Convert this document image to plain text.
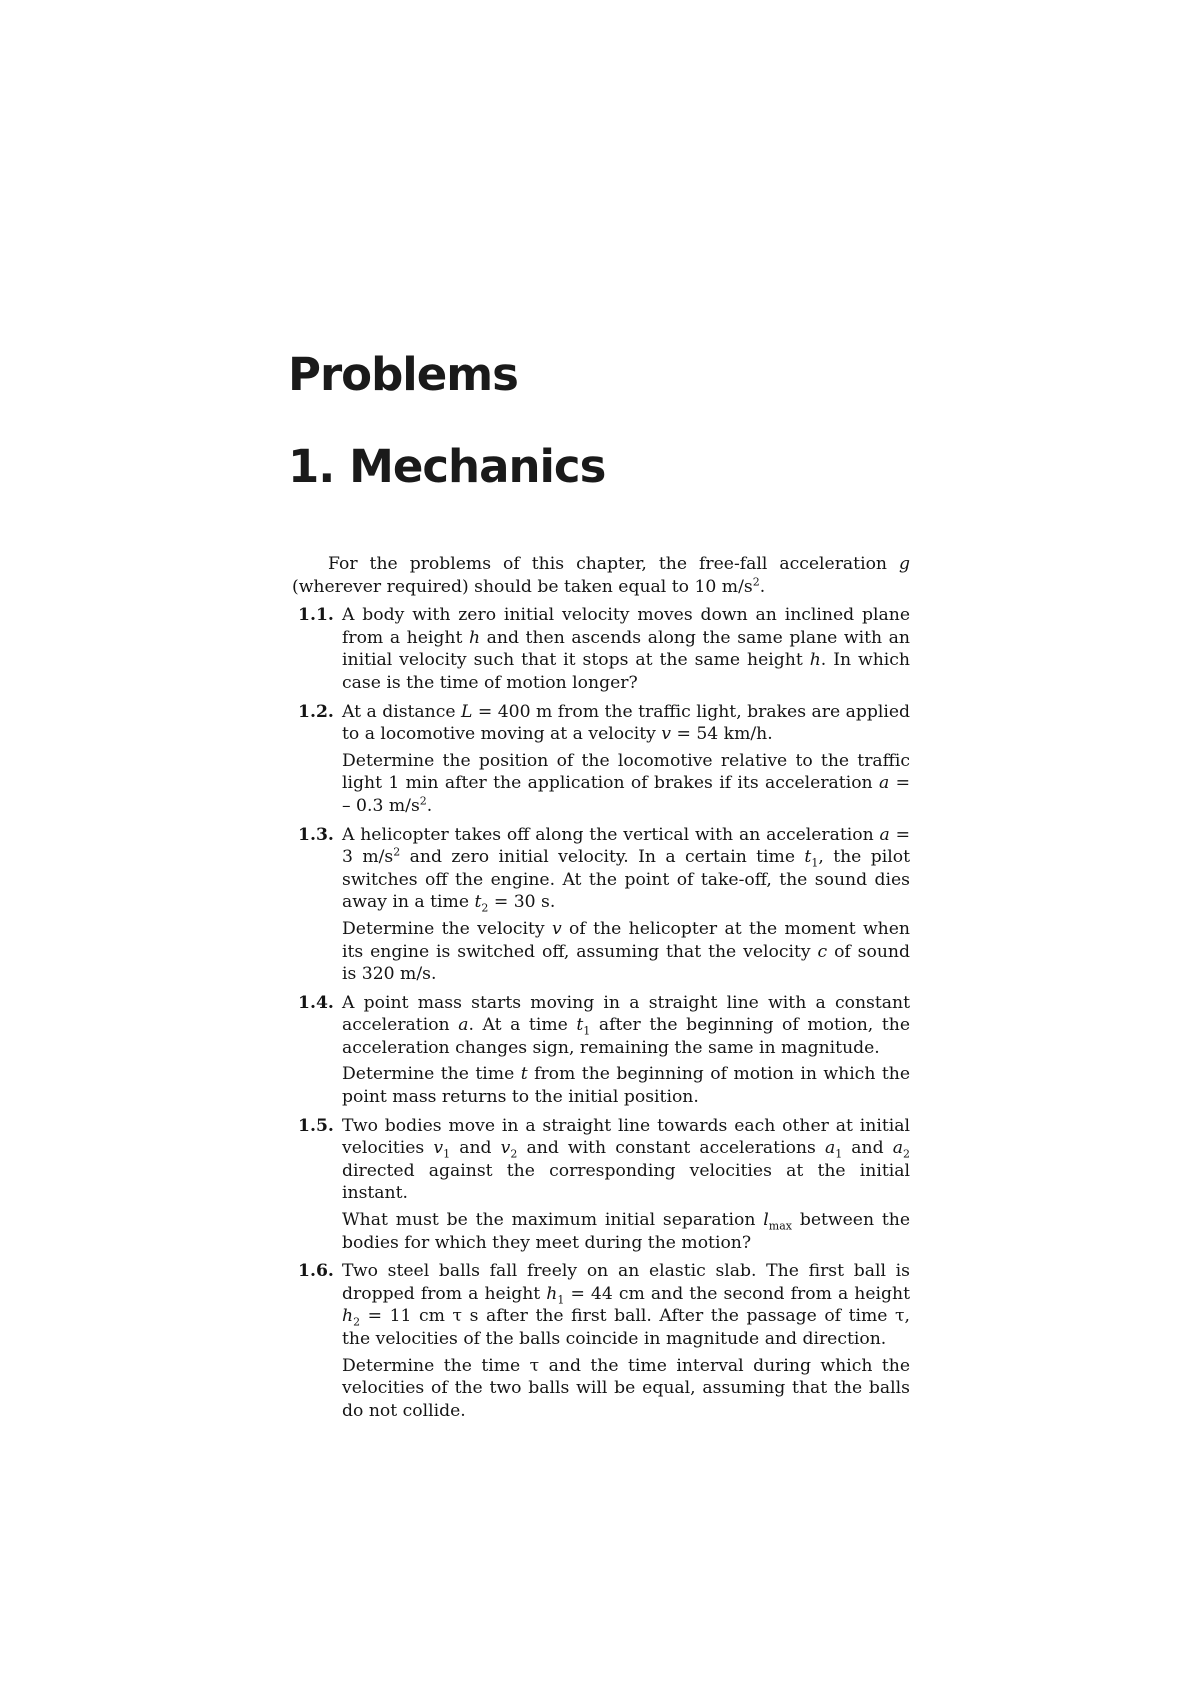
Problems
1. Mechanics

For the problems of this chapter, the free-fall acceleration g (wherever required) should be taken equal to 10 $m/s^2$.

1.1. A body with zero initial velocity moves down an inclined plane from a height h and then ascends along the same plane with an initial velocity such that it stops at the same height h. In which case is the time of motion longer?

1.2. At a distance L = 400 m from the traffic light, brakes are applied to a locomotive moving at a velocity v = 54 km/h.

Determine the position of the locomotive relative to the traffic light 1 min after the application of brakes if its acceleration a = – 0.3 $m/s^2$.

1.3. A helicopter takes off along the vertical with an acceleration a = 3 $m/s^2$ and zero initial velocity. In a certain time $t_1$, the pilot switches off the engine. At the point of take-off, the sound dies away in a time $t_2 = 30$ s.

Determine the velocity v of the helicopter at the moment when its engine is switched off, assuming that the velocity c of sound is 320 m/s.

1.4. A point mass starts moving in a straight line with a constant acceleration a. At a time $t_1$ after the beginning of motion, the acceleration changes sign, remaining the same in magnitude.

Determine the time t from the beginning of motion in which the point mass returns to the initial position.

1.5. Two bodies move in a straight line towards each other at initial velocities $v_1$ and $v_2$ and with constant accelerations $a_1$ and $a_2$ directed against the corresponding velocities at the initial instant.

What must be the maximum initial separation $l_{max}$ between the bodies for which they meet during the motion?

1.6. Two steel balls fall freely on an elastic slab. The first ball is dropped from a height $h_1 = 44$ cm and the second from a height $h_2 = 11$ cm τ s after the first ball. After the passage of time τ, the velocities of the balls coincide in magnitude and direction.

Determine the time τ and the time interval during which the velocities of the two balls will be equal, assuming that the balls do not collide.
